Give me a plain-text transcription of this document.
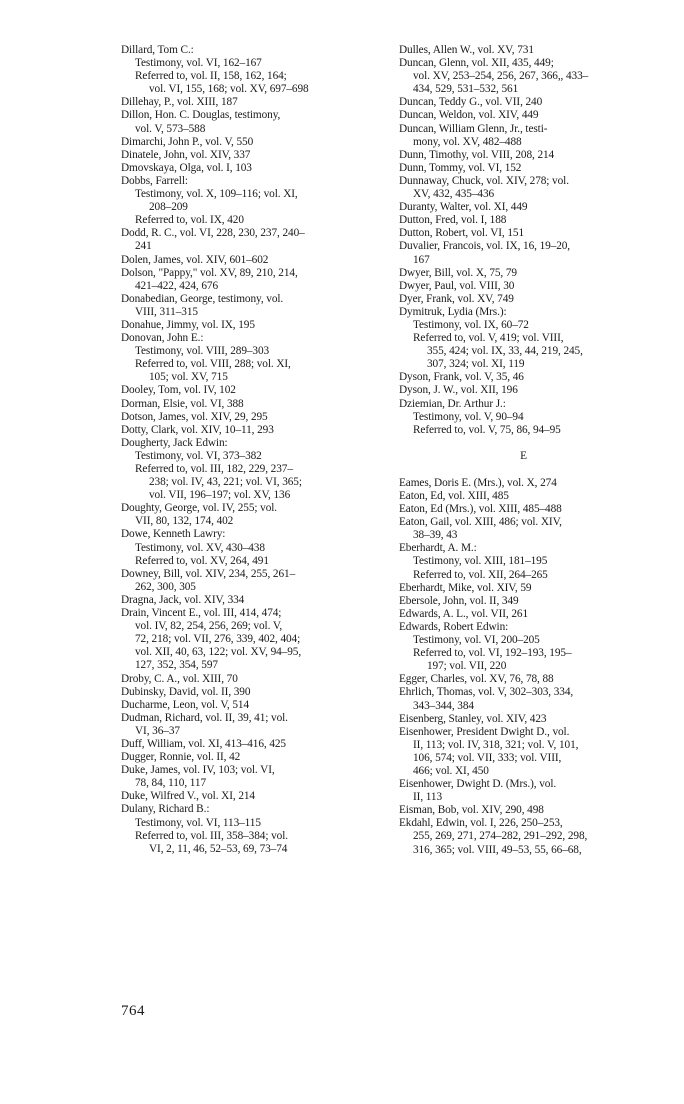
Dillard, Tom C.:
Testimony, vol. VI, 162–167
Referred to, vol. II, 158, 162, 164;
vol. VI, 155, 168; vol. XV, 697–698
Dillehay, P., vol. XIII, 187
Dillon, Hon. C. Douglas, testimony,
vol. V, 573–588
Dimarchi, John P., vol. V, 550
Dinatele, John, vol. XIV, 337
Dmovskaya, Olga, vol. I, 103
Dobbs, Farrell:
Testimony, vol. X, 109–116; vol. XI,
208–209
Referred to, vol. IX, 420
Dodd, R. C., vol. VI, 228, 230, 237, 240–
241
Dolen, James, vol. XIV, 601–602
Dolson, "Pappy," vol. XV, 89, 210, 214,
421–422, 424, 676
Donabedian, George, testimony, vol.
VIII, 311–315
Donahue, Jimmy, vol. IX, 195
Donovan, John E.:
Testimony, vol. VIII, 289–303
Referred to, vol. VIII, 288; vol. XI,
105; vol. XV, 715
Dooley, Tom, vol. IV, 102
Dorman, Elsie, vol. VI, 388
Dotson, James, vol. XIV, 29, 295
Dotty, Clark, vol. XIV, 10–11, 293
Dougherty, Jack Edwin:
Testimony, vol. VI, 373–382
Referred to, vol. III, 182, 229, 237–
238; vol. IV, 43, 221; vol. VI, 365;
vol. VII, 196–197; vol. XV, 136
Doughty, George, vol. IV, 255; vol.
VII, 80, 132, 174, 402
Dowe, Kenneth Lawry:
Testimony, vol. XV, 430–438
Referred to, vol. XV, 264, 491
Downey, Bill, vol. XIV, 234, 255, 261–
262, 300, 305
Dragna, Jack, vol. XIV, 334
Drain, Vincent E., vol. III, 414, 474;
vol. IV, 82, 254, 256, 269; vol. V,
72, 218; vol. VII, 276, 339, 402, 404;
vol. XII, 40, 63, 122; vol. XV, 94–95,
127, 352, 354, 597
Droby, C. A., vol. XIII, 70
Dubinsky, David, vol. II, 390
Ducharme, Leon, vol. V, 514
Dudman, Richard, vol. II, 39, 41; vol.
VI, 36–37
Duff, William, vol. XI, 413–416, 425
Dugger, Ronnie, vol. II, 42
Duke, James, vol. IV, 103; vol. VI,
78, 84, 110, 117
Duke, Wilfred V., vol. XI, 214
Dulany, Richard B.:
Testimony, vol. VI, 113–115
Referred to, vol. III, 358–384; vol.
VI, 2, 11, 46, 52–53, 69, 73–74
Dulles, Allen W., vol. XV, 731
Duncan, Glenn, vol. XII, 435, 449;
vol. XV, 253–254, 256, 267, 366,, 433–
434, 529, 531–532, 561
Duncan, Teddy G., vol. VII, 240
Duncan, Weldon, vol. XIV, 449
Duncan, William Glenn, Jr., testi-
mony, vol. XV, 482–488
Dunn, Timothy, vol. VIII, 208, 214
Dunn, Tommy, vol. VI, 152
Dunnaway, Chuck, vol. XIV, 278; vol.
XV, 432, 435–436
Duranty, Walter, vol. XI, 449
Dutton, Fred, vol. I, 188
Dutton, Robert, vol. VI, 151
Duvalier, Francois, vol. IX, 16, 19–20,
167
Dwyer, Bill, vol. X, 75, 79
Dwyer, Paul, vol. VIII, 30
Dyer, Frank, vol. XV, 749
Dymitruk, Lydia (Mrs.):
Testimony, vol. IX, 60–72
Referred to, vol. V, 419; vol. VIII,
355, 424; vol. IX, 33, 44, 219, 245,
307, 324; vol. XI, 119
Dyson, Frank, vol. V, 35, 46
Dyson, J. W., vol. XII, 196
Dziemian, Dr. Arthur J.:
Testimony, vol. V, 90–94
Referred to, vol. V, 75, 86, 94–95
E
Eames, Doris E. (Mrs.), vol. X, 274
Eaton, Ed, vol. XIII, 485
Eaton, Ed (Mrs.), vol. XIII, 485–488
Eaton, Gail, vol. XIII, 486; vol. XIV,
38–39, 43
Eberhardt, A. M.:
Testimony, vol. XIII, 181–195
Referred to, vol. XII, 264–265
Eberhardt, Mike, vol. XIV, 59
Ebersole, John, vol. II, 349
Edwards, A. L., vol. VII, 261
Edwards, Robert Edwin:
Testimony, vol. VI, 200–205
Referred to, vol. VI, 192–193, 195–
197; vol. VII, 220
Egger, Charles, vol. XV, 76, 78, 88
Ehrlich, Thomas, vol. V, 302–303, 334,
343–344, 384
Eisenberg, Stanley, vol. XIV, 423
Eisenhower, President Dwight D., vol.
II, 113; vol. IV, 318, 321; vol. V, 101,
106, 574; vol. VII, 333; vol. VIII,
466; vol. XI, 450
Eisenhower, Dwight D. (Mrs.), vol.
II, 113
Eisman, Bob, vol. XIV, 290, 498
Ekdahl, Edwin, vol. I, 226, 250–253,
255, 269, 271, 274–282, 291–292, 298,
316, 365; vol. VIII, 49–53, 55, 66–68,
764
